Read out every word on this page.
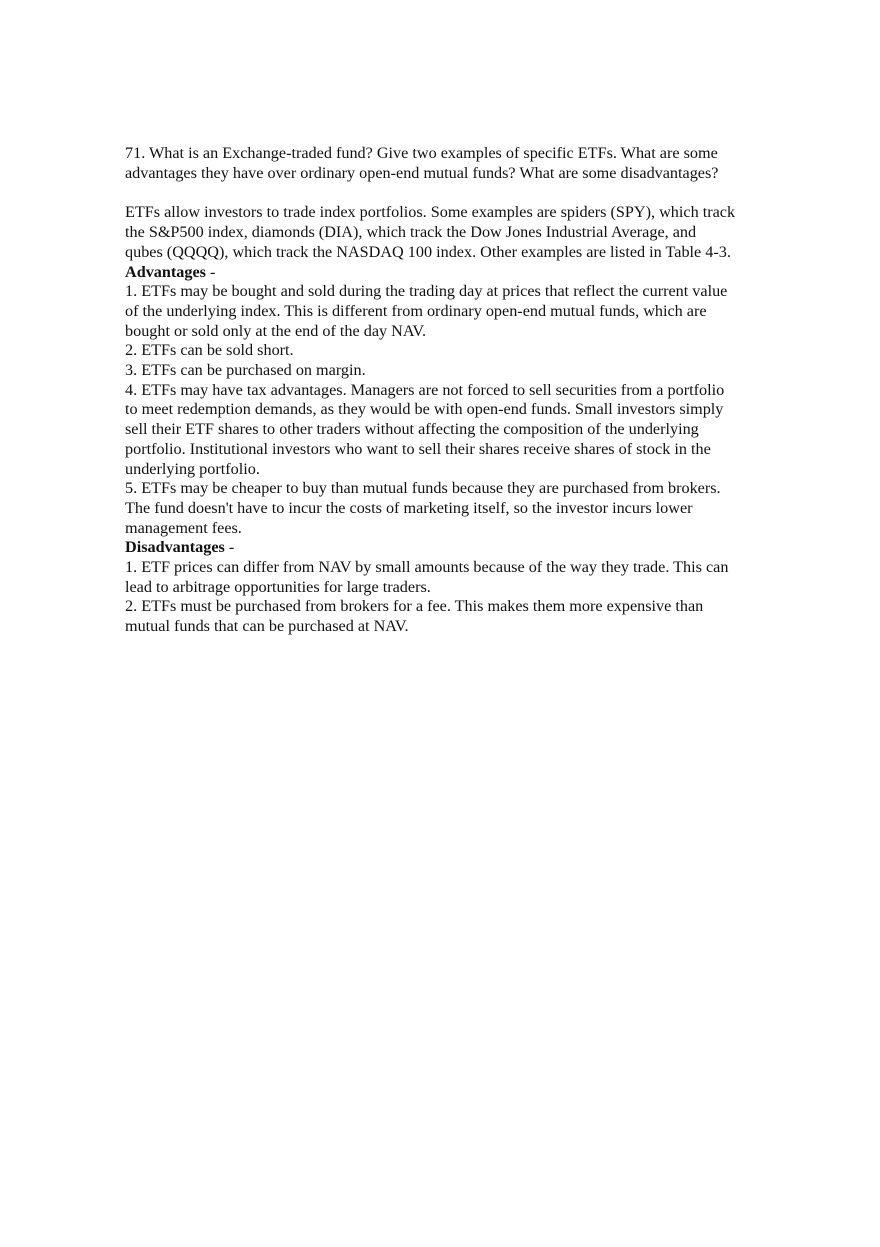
71. What is an Exchange-traded fund? Give two examples of specific ETFs. What are some
advantages they have over ordinary open-end mutual funds? What are some disadvantages?
ETFs allow investors to trade index portfolios. Some examples are spiders (SPY), which track
the S&P500 index, diamonds (DIA), which track the Dow Jones Industrial Average, and
qubes (QQQQ), which track the NASDAQ 100 index. Other examples are listed in Table 4-3.
Advantages -
1. ETFs may be bought and sold during the trading day at prices that reflect the current value
of the underlying index. This is different from ordinary open-end mutual funds, which are
bought or sold only at the end of the day NAV.
2. ETFs can be sold short.
3. ETFs can be purchased on margin.
4. ETFs may have tax advantages. Managers are not forced to sell securities from a portfolio
to meet redemption demands, as they would be with open-end funds. Small investors simply
sell their ETF shares to other traders without affecting the composition of the underlying
portfolio. Institutional investors who want to sell their shares receive shares of stock in the
underlying portfolio.
5. ETFs may be cheaper to buy than mutual funds because they are purchased from brokers.
The fund doesn't have to incur the costs of marketing itself, so the investor incurs lower
management fees.
Disadvantages -
1. ETF prices can differ from NAV by small amounts because of the way they trade. This can
lead to arbitrage opportunities for large traders.
2. ETFs must be purchased from brokers for a fee. This makes them more expensive than
mutual funds that can be purchased at NAV.
